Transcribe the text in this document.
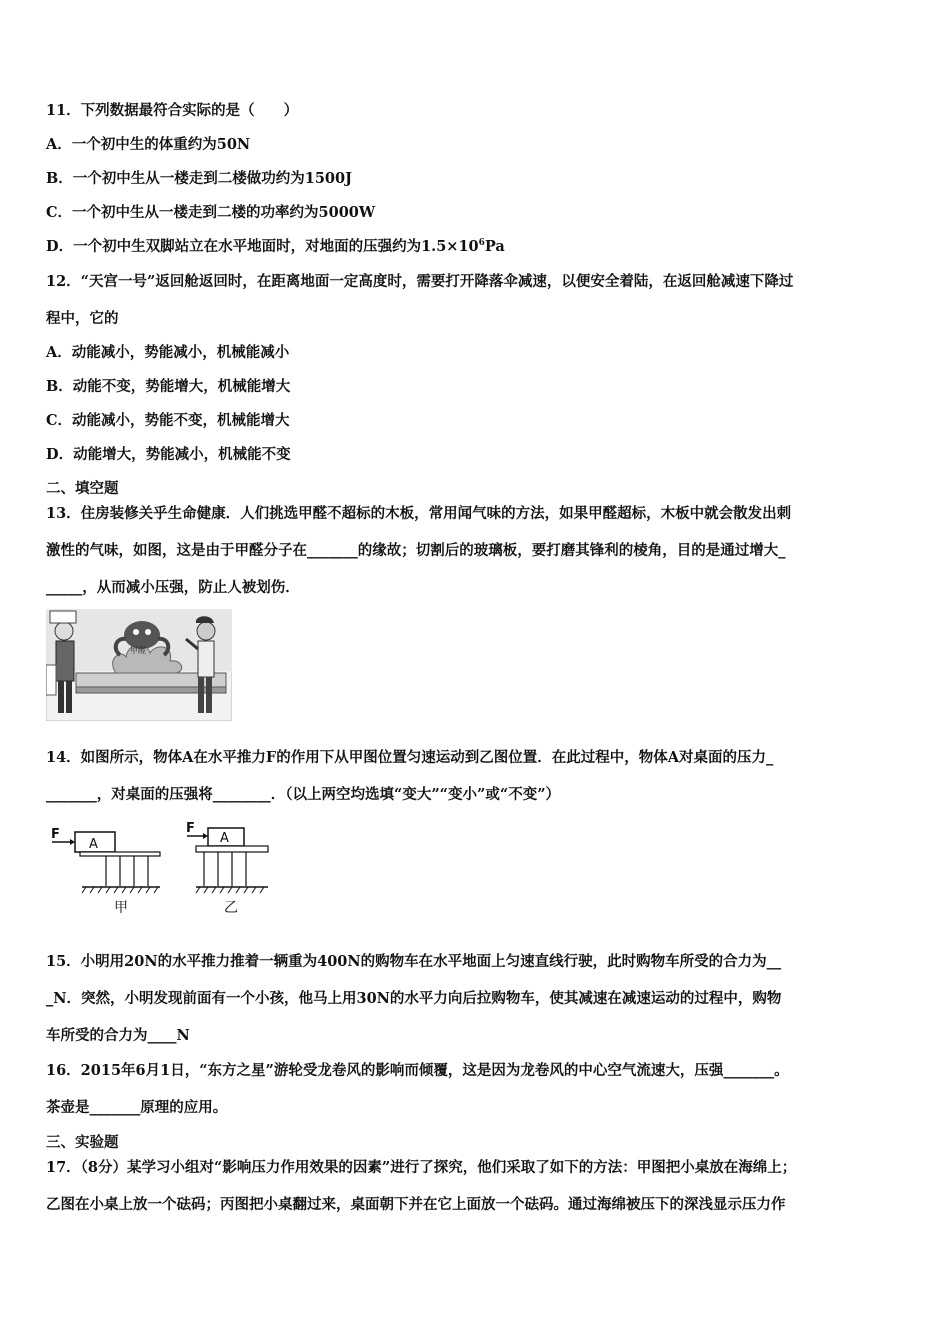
11．下列数据最符合实际的是（　　）
A．一个初中生的体重约为50N
B．一个初中生从一楼走到二楼做功约为1500J
C．一个初中生从一楼走到二楼的功率约为5000W
D．一个初中生双脚站立在水平地面时，对地面的压强约为$1.5\times 10^6Pa$
12．“天宫一号”返回舱返回时，在距离地面一定高度时，需要打开降落伞减速，以便安全着陆，在返回舱减速下降过
程中，它的
A．动能减小，势能减小，机械能减小
B．动能不变，势能增大，机械能增大
C．动能减小，势能不变，机械能增大
D．动能增大，势能减小，机械能不变
二、填空题
13．住房装修关乎生命健康．人们挑选甲醛不超标的木板，常用闻气味的方法，如果甲醛超标，木板中就会散发出刺
激性的气味，如图，这是由于甲醛分子在_______的缘故；切割后的玻璃板，要打磨其锋利的棱角，目的是通过增大_
_____，从而减小压强，防止人被划伤．
甲醛
14．如图所示，物体A在水平推力F的作用下从甲图位置匀速运动到乙图位置．在此过程中，物体A对桌面的压力_
_______，对桌面的压强将________．（以上两空均选填“变大”“变小”或“不变”）
F
A
甲
F
A
乙
15．小明用20N的水平推力推着一辆重为400N的购物车在水平地面上匀速直线行驶，此时购物车所受的合力为__
_N．突然，小明发现前面有一个小孩，他马上用30N的水平力向后拉购物车，使其减速在减速运动的过程中，购物
车所受的合力为____N
16．2015年6月1日，“东方之星”游轮受龙卷风的影响而倾覆，这是因为龙卷风的中心空气流速大，压强_______。
茶壶是_______原理的应用。
三、实验题
17．（8分）某学习小组对“影响压力作用效果的因素”进行了探究，他们采取了如下的方法：甲图把小桌放在海绵上；
乙图在小桌上放一个砝码；丙图把小桌翻过来，桌面朝下并在它上面放一个砝码。通过海绵被压下的深浅显示压力作
